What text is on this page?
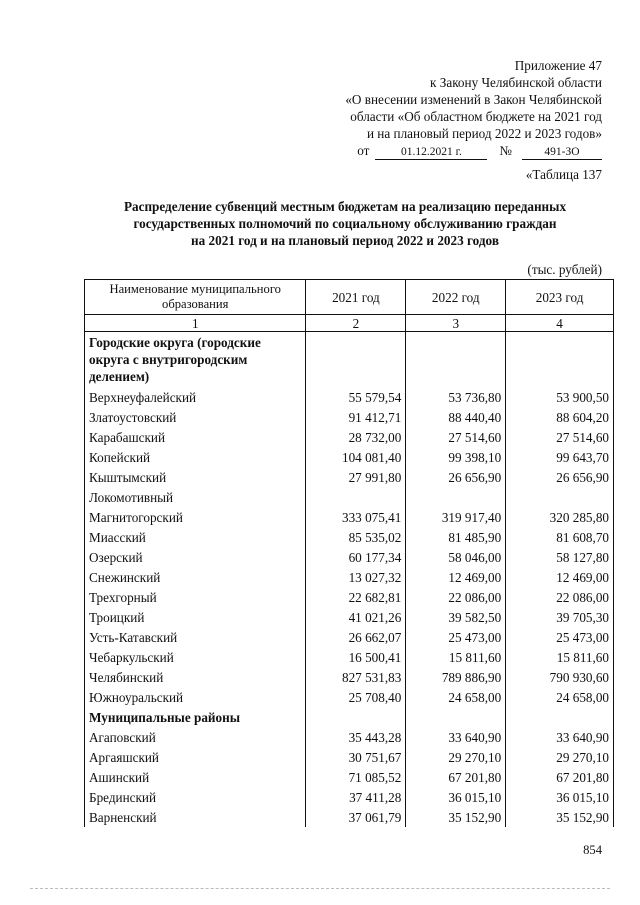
Приложение 47
к Закону Челябинской области
«О внесении изменений в Закон Челябинской
области «Об областном бюджете на 2021 год
и на плановый период 2022 и 2023 годов»
от	01.12.2021 г.	№	491-ЗО
«Таблица 137
Распределение субвенций местным бюджетам на реализацию переданных
государственных полномочий по социальному обслуживанию граждан
на 2021 год и на плановый период 2022 и 2023 годов
(тыс. рублей)
Наименование муниципального
образования	2021 год	2022 год	2023 год
1	2	3	4

Городские округа (городские
округа с внутригородским
делением)			

Верхнеуфалейский	55 579,54	53 736,80	53 900,50
Златоустовский	91 412,71	88 440,40	88 604,20
Карабашский	28 732,00	27 514,60	27 514,60
Копейский	104 081,40	99 398,10	99 643,70
Кыштымский	27 991,80	26 656,90	26 656,90
Локомотивный			
Магнитогорский	333 075,41	319 917,40	320 285,80
Миасский	85 535,02	81 485,90	81 608,70
Озерский	60 177,34	58 046,00	58 127,80
Снежинский	13 027,32	12 469,00	12 469,00
Трехгорный	22 682,81	22 086,00	22 086,00
Троицкий	41 021,26	39 582,50	39 705,30
Усть-Катавский	26 662,07	25 473,00	25 473,00
Чебаркульский	16 500,41	15 811,60	15 811,60
Челябинский	827 531,83	789 886,90	790 930,60
Южноуральский	25 708,40	24 658,00	24 658,00
Муниципальные районы			
Агаповский	35 443,28	33 640,90	33 640,90
Аргаяшский	30 751,67	29 270,10	29 270,10
Ашинский	71 085,52	67 201,80	67 201,80
Брединский	37 411,28	36 015,10	36 015,10
Варненский	37 061,79	35 152,90	35 152,90
854
